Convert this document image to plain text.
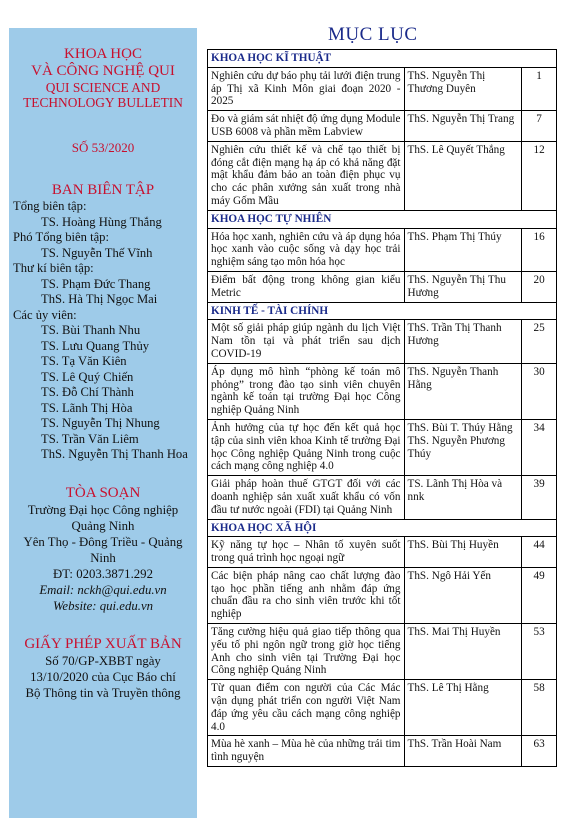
KHOA HỌC
VÀ CÔNG NGHỆ QUI
QUI SCIENCE AND
TECHNOLOGY BULLETIN
SỐ 53/2020
BAN BIÊN TẬP
Tổng biên tập:
TS. Hoàng Hùng Thắng
Phó Tổng biên tập:
TS. Nguyễn Thế Vĩnh
Thư kí biên tập:
TS. Phạm Đức Thang
ThS. Hà Thị Ngọc Mai
Các ủy viên:
TS. Bùi Thanh Nhu
TS. Lưu Quang Thủy
TS. Tạ Văn Kiên
TS. Lê Quý Chiến
TS. Đỗ Chí Thành
TS. Lãnh Thị Hòa
TS. Nguyễn Thị Nhung
TS. Trần Văn Liêm
ThS. Nguyễn Thị Thanh Hoa
TÒA SOẠN
Trường Đại học Công nghiệp Quảng Ninh
Yên Thọ - Đông Triều - Quảng Ninh
ĐT: 0203.3871.292
Email: nckh@qui.edu.vn
Website: qui.edu.vn
GIẤY PHÉP XUẤT BẢN
Số 70/GP-XBBT ngày
13/10/2020 của Cục Báo chí
Bộ Thông tin và Truyền thông
MỤC LỤC
KHOA HỌC KĨ THUẬT		
Nghiên cứu dự báo phụ tải lưới điện trung áp Thị xã Kinh Môn giai đoạn 2020 - 2025	ThS. Nguyễn Thị Thương Duyên	1
Đo và giám sát nhiệt độ ứng dụng Module USB 6008 và phần mềm Labview	ThS. Nguyễn Thị Trang	7
Nghiên cứu thiết kế và chế tạo thiết bị đóng cắt điện mạng hạ áp có khả năng đặt mật khẩu đảm bảo an toàn điện phục vụ cho các phân xưởng sản xuất trong nhà máy Gốm Mầu	ThS. Lê Quyết Thắng	12
KHOA HỌC TỰ NHIÊN		
Hóa học xanh, nghiên cứu và áp dụng hóa học xanh vào cuộc sống và dạy học trải nghiệm sáng tạo môn hóa học	ThS. Phạm Thị Thúy	16
Điểm bất động trong không gian kiểu Metric	ThS. Nguyễn Thị Thu Hương	20
KINH TẾ - TÀI CHÍNH		
Một số giải pháp giúp ngành du lịch Việt Nam tồn tại và phát triển sau dịch COVID-19	ThS. Trần Thị Thanh Hương	25
Áp dụng mô hình “phòng kế toán mô phỏng” trong đào tạo sinh viên chuyên ngành kế toán tại trường Đại học Công nghiệp Quảng Ninh	ThS. Nguyễn Thanh Hằng	30
Ảnh hưởng của tự học đến kết quả học tập của sinh viên khoa Kinh tế trường Đại học Công nghiệp Quảng Ninh trong cuộc cách mạng công nghiệp 4.0	ThS. Bùi T. Thúy Hằng ThS. Nguyễn Phương Thúy	34
Giải pháp hoàn thuế GTGT đối với các doanh nghiệp sản xuất xuất khẩu có vốn đầu tư nước ngoài (FDI) tại Quảng Ninh	TS. Lãnh Thị Hòa và nnk	39
KHOA HỌC XÃ HỘI		
Kỹ năng tự học – Nhân tố xuyên suốt trong quá trình học ngoại ngữ	ThS. Bùi Thị Huyền	44
Các biện pháp nâng cao chất lượng đào tạo học phần tiếng anh nhằm đáp ứng chuẩn đầu ra cho sinh viên trước khi tốt nghiệp	ThS. Ngô Hải Yến	49
Tăng cường hiệu quả giao tiếp thông qua yếu tố phi ngôn ngữ trong giờ học tiếng Anh cho sinh viên tại Trường Đại học Công nghiệp Quảng Ninh	ThS. Mai Thị Huyền	53
Từ quan điểm con người của Các Mác vận dụng phát triển con người Việt Nam đáp ứng yêu cầu cách mạng công nghiệp 4.0	ThS. Lê Thị Hằng	58
Mùa hè xanh – Mùa hè của những trái tim tình nguyện	ThS. Trần Hoài Nam	63
